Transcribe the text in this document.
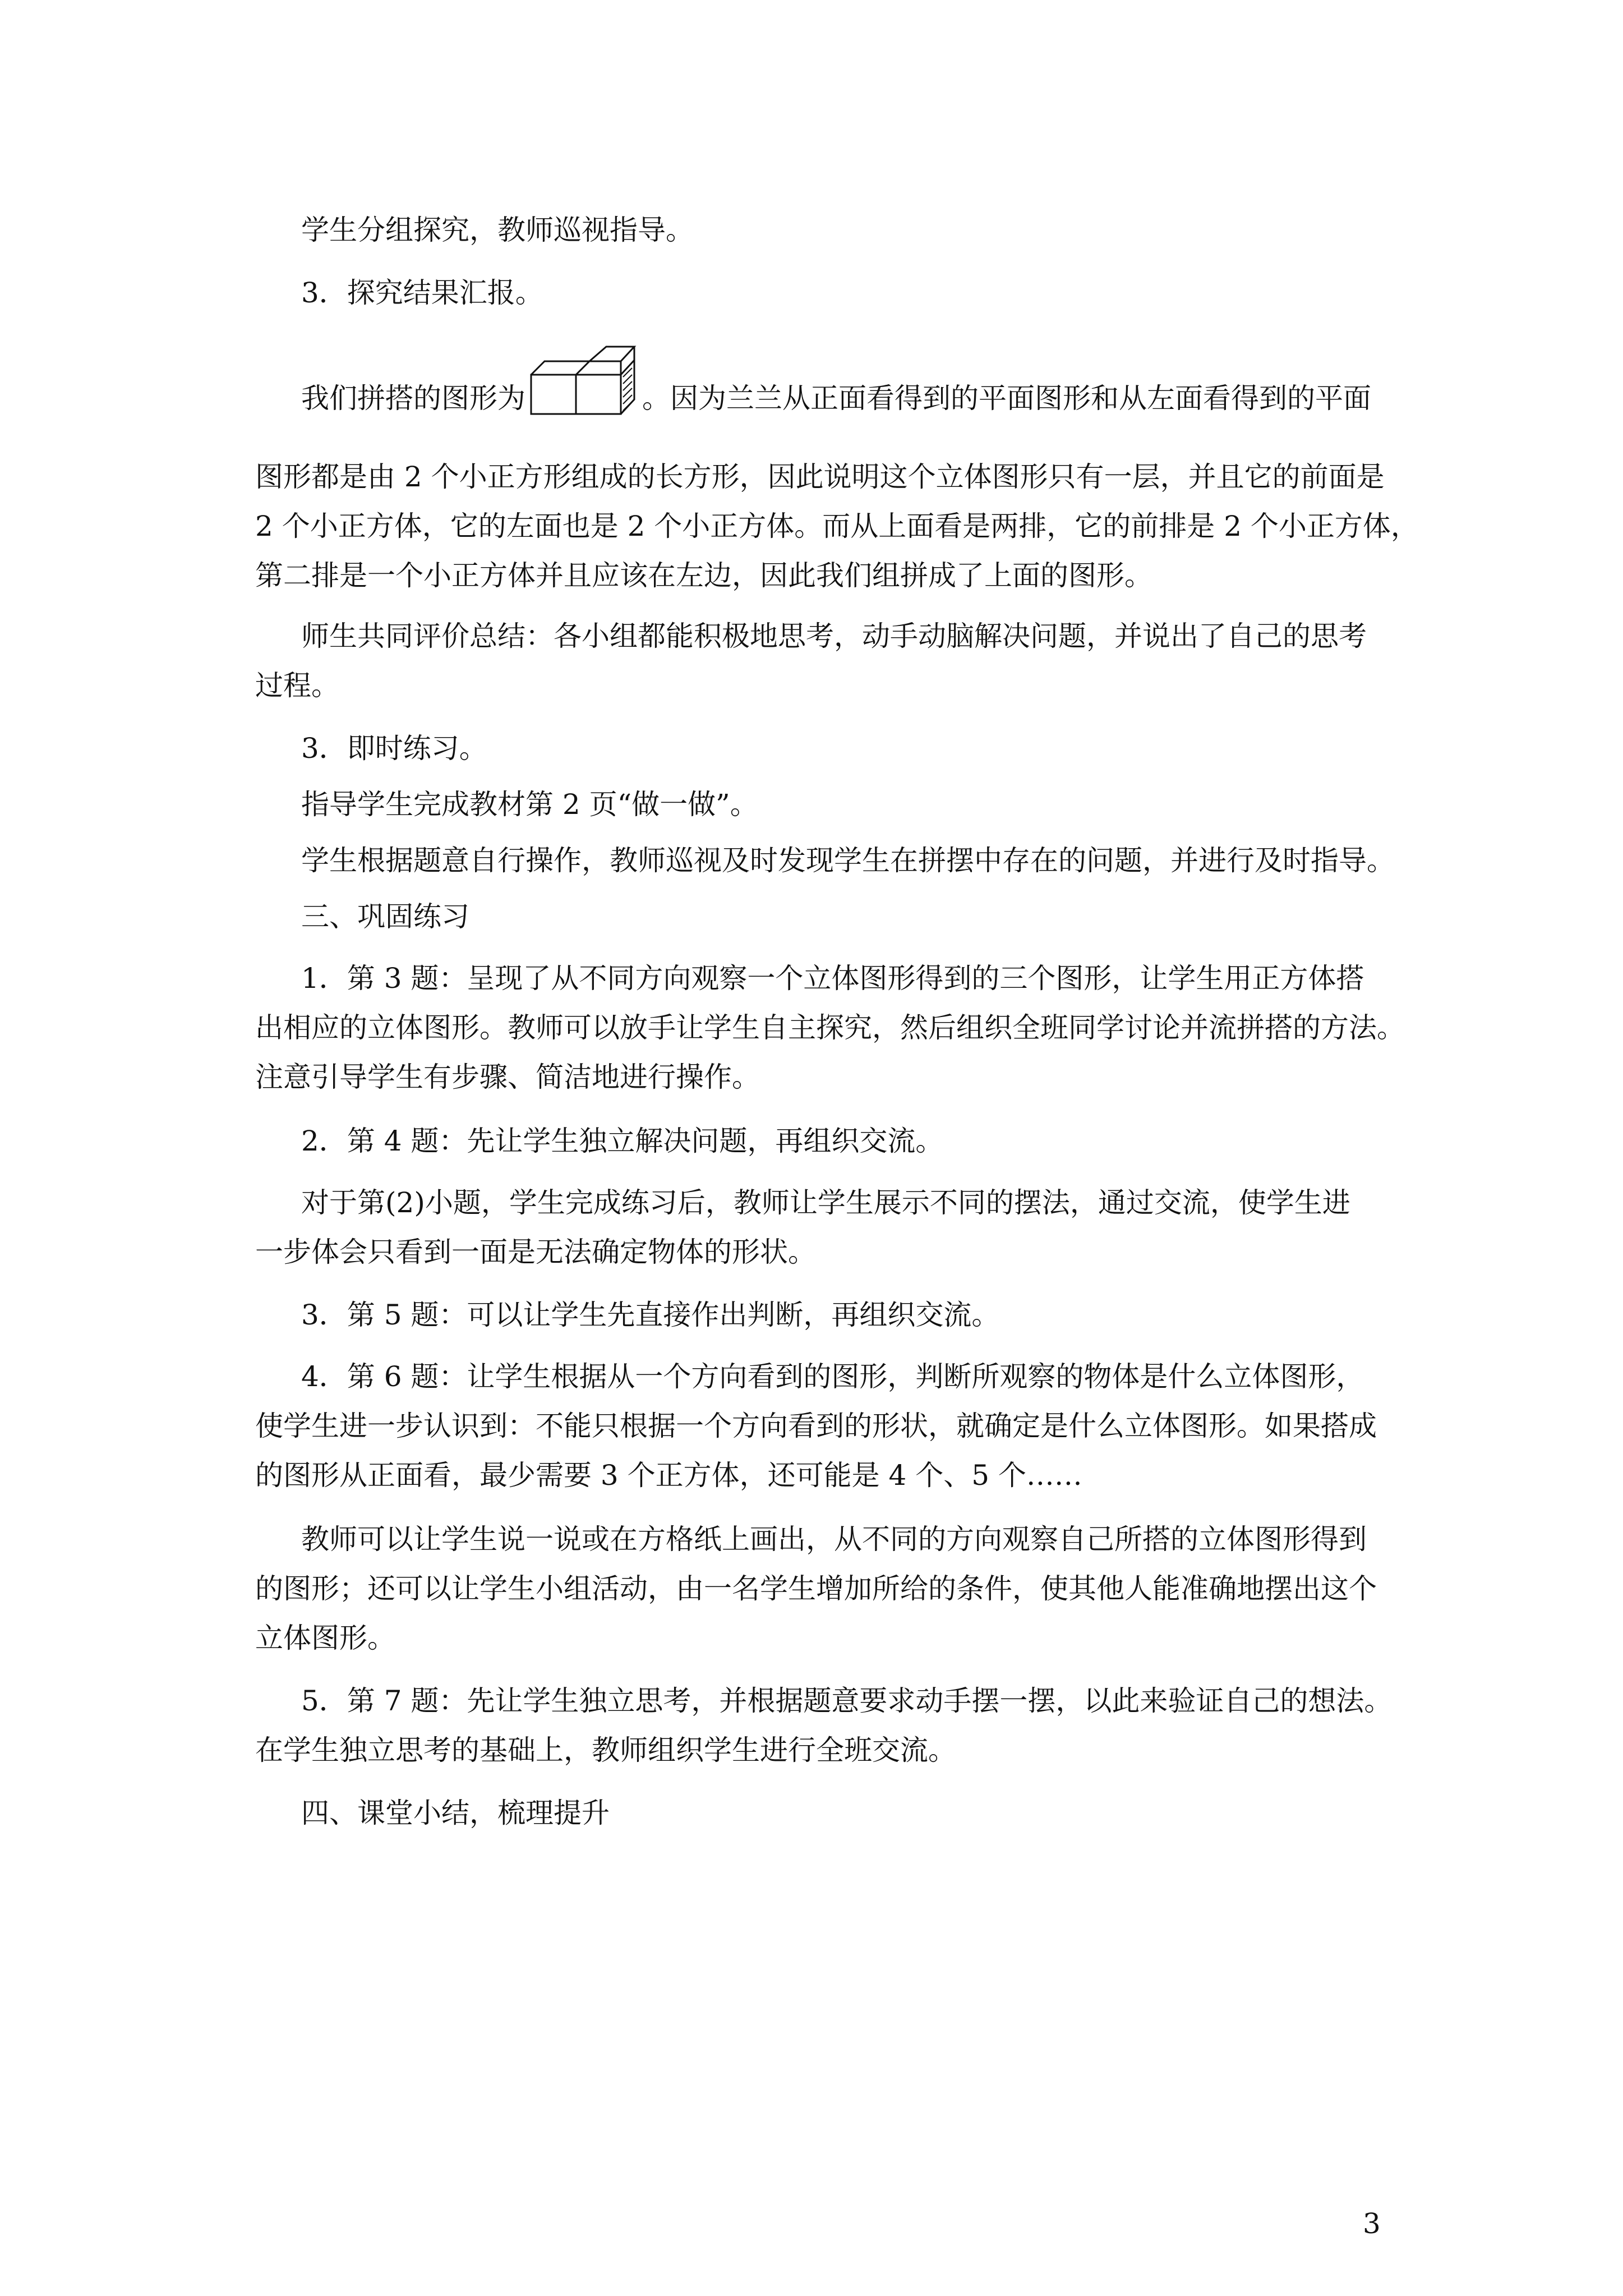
学生分组探究，教师巡视指导。
3．探究结果汇报。
我们拼搭的图形为	。因为兰兰从正面看得到的平面图形和从左面看得到的平面
图形都是由 2 个小正方形组成的长方形，因此说明这个立体图形只有一层，并且它的前面是
2 个小正方体，它的左面也是 2 个小正方体。而从上面看是两排，它的前排是 2 个小正方体，
第二排是一个小正方体并且应该在左边，因此我们组拼成了上面的图形。
师生共同评价总结：各小组都能积极地思考，动手动脑解决问题，并说出了自己的思考
过程。
3．即时练习。
指导学生完成教材第 2 页“做一做”。
学生根据题意自行操作，教师巡视及时发现学生在拼摆中存在的问题，并进行及时指导。
三、巩固练习
1．第 3 题：呈现了从不同方向观察一个立体图形得到的三个图形，让学生用正方体搭
出相应的立体图形。教师可以放手让学生自主探究，然后组织全班同学讨论并流拼搭的方法。
注意引导学生有步骤、简洁地进行操作。
2．第 4 题：先让学生独立解决问题，再组织交流。
对于第(2)小题，学生完成练习后，教师让学生展示不同的摆法，通过交流，使学生进
一步体会只看到一面是无法确定物体的形状。
3．第 5 题：可以让学生先直接作出判断，再组织交流。
4．第 6 题：让学生根据从一个方向看到的图形，判断所观察的物体是什么立体图形，
使学生进一步认识到：不能只根据一个方向看到的形状，就确定是什么立体图形。如果搭成
的图形从正面看，最少需要 3 个正方体，还可能是 4 个、5 个……
教师可以让学生说一说或在方格纸上画出，从不同的方向观察自己所搭的立体图形得到
的图形；还可以让学生小组活动，由一名学生增加所给的条件，使其他人能准确地摆出这个
立体图形。
5．第 7 题：先让学生独立思考，并根据题意要求动手摆一摆，以此来验证自己的想法。
在学生独立思考的基础上，教师组织学生进行全班交流。
四、课堂小结，梳理提升
3
